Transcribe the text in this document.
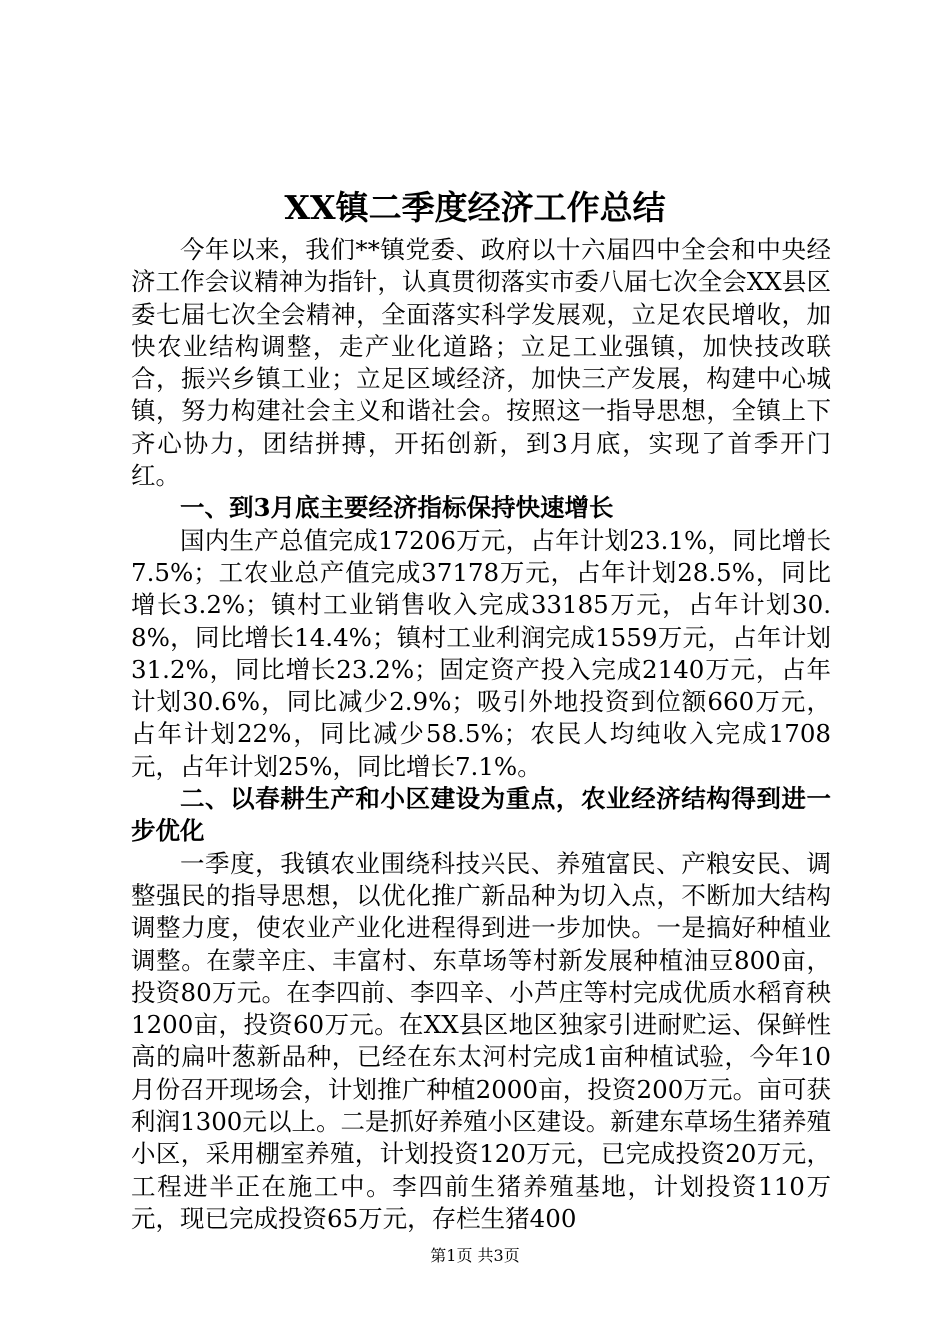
XX镇二季度经济工作总结

今年以来，我们**镇党委、政府以十六届四中全会和中央经济工作会议精神为指针，认真贯彻落实市委八届七次全会XX县区委七届七次全会精神，全面落实科学发展观，立足农民增收，加快农业结构调整，走产业化道路；立足工业强镇，加快技改联合，振兴乡镇工业；立足区域经济，加快三产发展，构建中心城镇，努力构建社会主义和谐社会。按照这一指导思想，全镇上下齐心协力，团结拼搏，开拓创新，到3月底，实现了首季开门红。

一、到3月底主要经济指标保持快速增长

国内生产总值完成17206万元，占年计划23.1%，同比增长7.5%；工农业总产值完成37178万元，占年计划28.5%，同比增长3.2%；镇村工业销售收入完成33185万元，占年计划30.8%，同比增长14.4%；镇村工业利润完成1559万元，占年计划31.2%，同比增长23.2%；固定资产投入完成2140万元，占年计划30.6%，同比减少2.9%；吸引外地投资到位额660万元，占年计划22%，同比减少58.5%；农民人均纯收入完成1708元，占年计划25%，同比增长7.1%。

二、以春耕生产和小区建设为重点，农业经济结构得到进一步优化

一季度，我镇农业围绕科技兴民、养殖富民、产粮安民、调整强民的指导思想，以优化推广新品种为切入点，不断加大结构调整力度，使农业产业化进程得到进一步加快。一是搞好种植业调整。在蒙辛庄、丰富村、东草场等村新发展种植油豆800亩，投资80万元。在李四前、李四辛、小芦庄等村完成优质水稻育秧1200亩，投资60万元。在XX县区地区独家引进耐贮运、保鲜性高的扁叶葱新品种，已经在东太河村完成1亩种植试验，今年10月份召开现场会，计划推广种植2000亩，投资200万元。亩可获利润1300元以上。二是抓好养殖小区建设。新建东草场生猪养殖小区，采用棚室养殖，计划投资120万元，已完成投资20万元，工程进半正在施工中。李四前生猪养殖基地，计划投资110万元，现已完成投资65万元，存栏生猪400

第1页 共3页
